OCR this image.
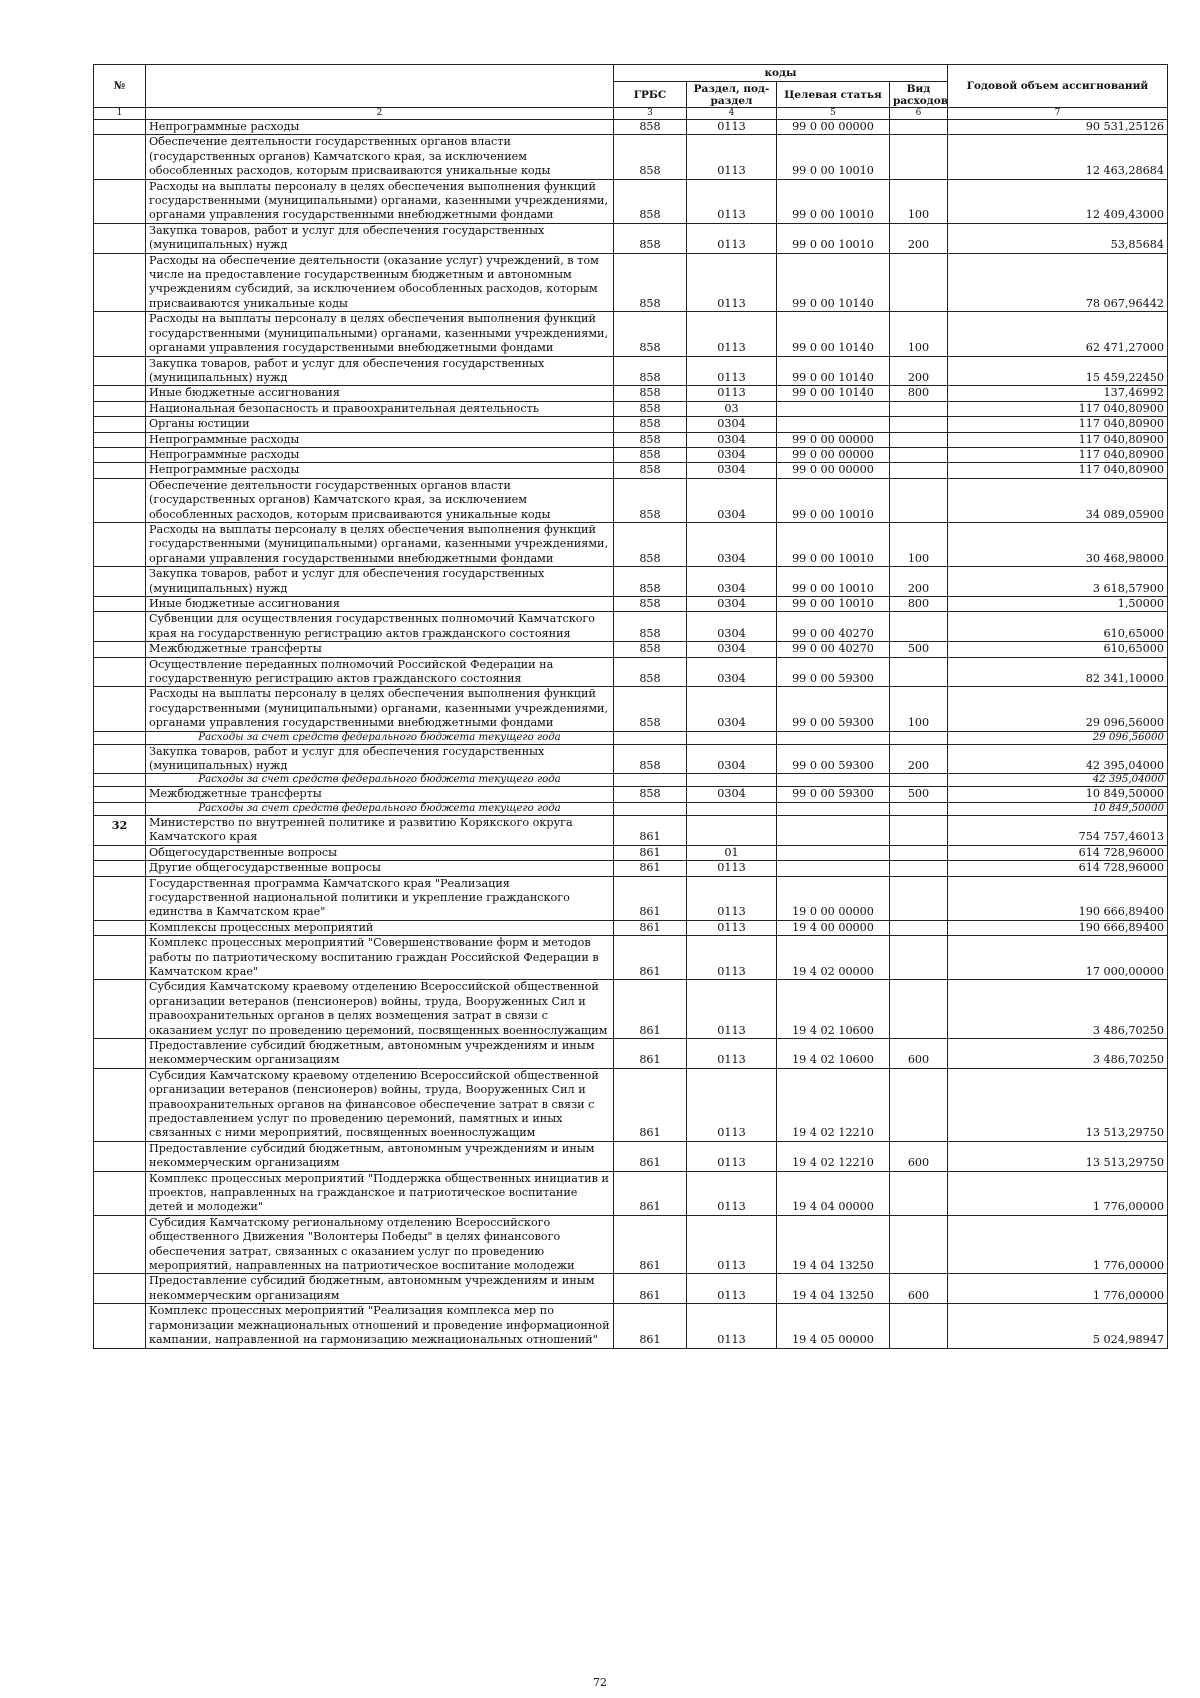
№		коды				Годовой объем ассигнований
		ГРБС	Раздел, под-раздел	Целевая статья	Вид расходов	
1	2	3	4	5	6	7
	Непрограммные расходы	858	0113	99 0 00 00000		90 531,25126
	Обеспечение деятельности государственных органов власти (государственных органов) Камчатского края, за исключением обособленных расходов, которым присваиваются уникальные коды	858	0113	99 0 00 10010		12 463,28684
	Расходы на выплаты персоналу в целях обеспечения выполнения функций государственными (муниципальными) органами, казенными учреждениями, органами управления государственными внебюджетными фондами	858	0113	99 0 00 10010	100	12 409,43000
	Закупка товаров, работ и услуг для обеспечения государственных (муниципальных) нужд	858	0113	99 0 00 10010	200	53,85684
	Расходы на обеспечение деятельности (оказание услуг) учреждений, в том числе на предоставление государственным бюджетным и автономным учреждениям субсидий, за исключением обособленных расходов, которым присваиваются уникальные коды	858	0113	99 0 00 10140		78 067,96442
	Расходы на выплаты персоналу в целях обеспечения выполнения функций государственными (муниципальными) органами, казенными учреждениями, органами управления государственными внебюджетными фондами	858	0113	99 0 00 10140	100	62 471,27000
	Закупка товаров, работ и услуг для обеспечения государственных (муниципальных) нужд	858	0113	99 0 00 10140	200	15 459,22450
	Иные бюджетные ассигнования	858	0113	99 0 00 10140	800	137,46992
	Национальная безопасность и правоохранительная деятельность	858	03			117 040,80900
	Органы юстиции	858	0304			117 040,80900
	Непрограммные расходы	858	0304	99 0 00 00000		117 040,80900
	Непрограммные расходы	858	0304	99 0 00 00000		117 040,80900
	Непрограммные расходы	858	0304	99 0 00 00000		117 040,80900
	Обеспечение деятельности государственных органов власти (государственных органов) Камчатского края, за исключением обособленных расходов, которым присваиваются уникальные коды	858	0304	99 0 00 10010		34 089,05900
	Расходы на выплаты персоналу в целях обеспечения выполнения функций государственными (муниципальными) органами, казенными учреждениями, органами управления государственными внебюджетными фондами	858	0304	99 0 00 10010	100	30 468,98000
	Закупка товаров, работ и услуг для обеспечения государственных (муниципальных) нужд	858	0304	99 0 00 10010	200	3 618,57900
	Иные бюджетные ассигнования	858	0304	99 0 00 10010	800	1,50000
	Субвенции для осуществления государственных полномочий Камчатского края на государственную регистрацию актов гражданского состояния	858	0304	99 0 00 40270		610,65000
	Межбюджетные трансферты	858	0304	99 0 00 40270	500	610,65000
	Осуществление переданных полномочий Российской Федерации на государственную регистрацию актов гражданского состояния	858	0304	99 0 00 59300		82 341,10000
	Расходы на выплаты персоналу в целях обеспечения выполнения функций государственными (муниципальными) органами, казенными учреждениями, органами управления государственными внебюджетными фондами	858	0304	99 0 00 59300	100	29 096,56000
	Расходы за счет средств федерального бюджета текущего года					29 096,56000
	Закупка товаров, работ и услуг для обеспечения государственных (муниципальных) нужд	858	0304	99 0 00 59300	200	42 395,04000
	Расходы за счет средств федерального бюджета текущего года					42 395,04000
	Межбюджетные трансферты	858	0304	99 0 00 59300	500	10 849,50000
	Расходы за счет средств федерального бюджета текущего года					10 849,50000
32	Министерство по внутренней политике и развитию Корякского округа Камчатского края	861				754 757,46013
	Общегосударственные вопросы	861	01			614 728,96000
	Другие общегосударственные вопросы	861	0113			614 728,96000
	Государственная программа Камчатского края "Реализация государственной национальной политики и укрепление гражданского единства в Камчатском крае"	861	0113	19 0 00 00000		190 666,89400
	Комплексы процессных мероприятий	861	0113	19 4 00 00000		190 666,89400
	Комплекс процессных мероприятий "Совершенствование форм и методов работы по патриотическому воспитанию граждан Российской Федерации в Камчатском крае"	861	0113	19 4 02 00000		17 000,00000
	Субсидия Камчатскому краевому отделению Всероссийской общественной организации ветеранов (пенсионеров) войны, труда, Вооруженных Сил и правоохранительных органов в целях возмещения затрат в связи с оказанием услуг по проведению церемоний, посвященных военнослужащим	861	0113	19 4 02 10600		3 486,70250
	Предоставление субсидий бюджетным, автономным учреждениям и иным некоммерческим организациям	861	0113	19 4 02 10600	600	3 486,70250
	Субсидия Камчатскому краевому отделению Всероссийской общественной организации ветеранов (пенсионеров) войны, труда, Вооруженных Сил и правоохранительных органов на финансовое обеспечение затрат в связи с предоставлением услуг по проведению церемоний, памятных и иных связанных с ними мероприятий, посвященных военнослужащим	861	0113	19 4 02 12210		13 513,29750
	Предоставление субсидий бюджетным, автономным учреждениям и иным некоммерческим организациям	861	0113	19 4 02 12210	600	13 513,29750
	Комплекс процессных мероприятий "Поддержка общественных инициатив и проектов, направленных на гражданское и патриотическое воспитание детей и молодежи"	861	0113	19 4 04 00000		1 776,00000
	Субсидия Камчатскому региональному отделению Всероссийского общественного Движения "Волонтеры Победы" в целях финансового обеспечения затрат, связанных с оказанием услуг по проведению мероприятий, направленных на патриотическое воспитание молодежи	861	0113	19 4 04 13250		1 776,00000
	Предоставление субсидий бюджетным, автономным учреждениям и иным некоммерческим организациям	861	0113	19 4 04 13250	600	1 776,00000
	Комплекс процессных мероприятий "Реализация комплекса мер по гармонизации межнациональных отношений и проведение информационной кампании, направленной на гармонизацию межнациональных отношений"	861	0113	19 4 05 00000		5 024,98947
72
